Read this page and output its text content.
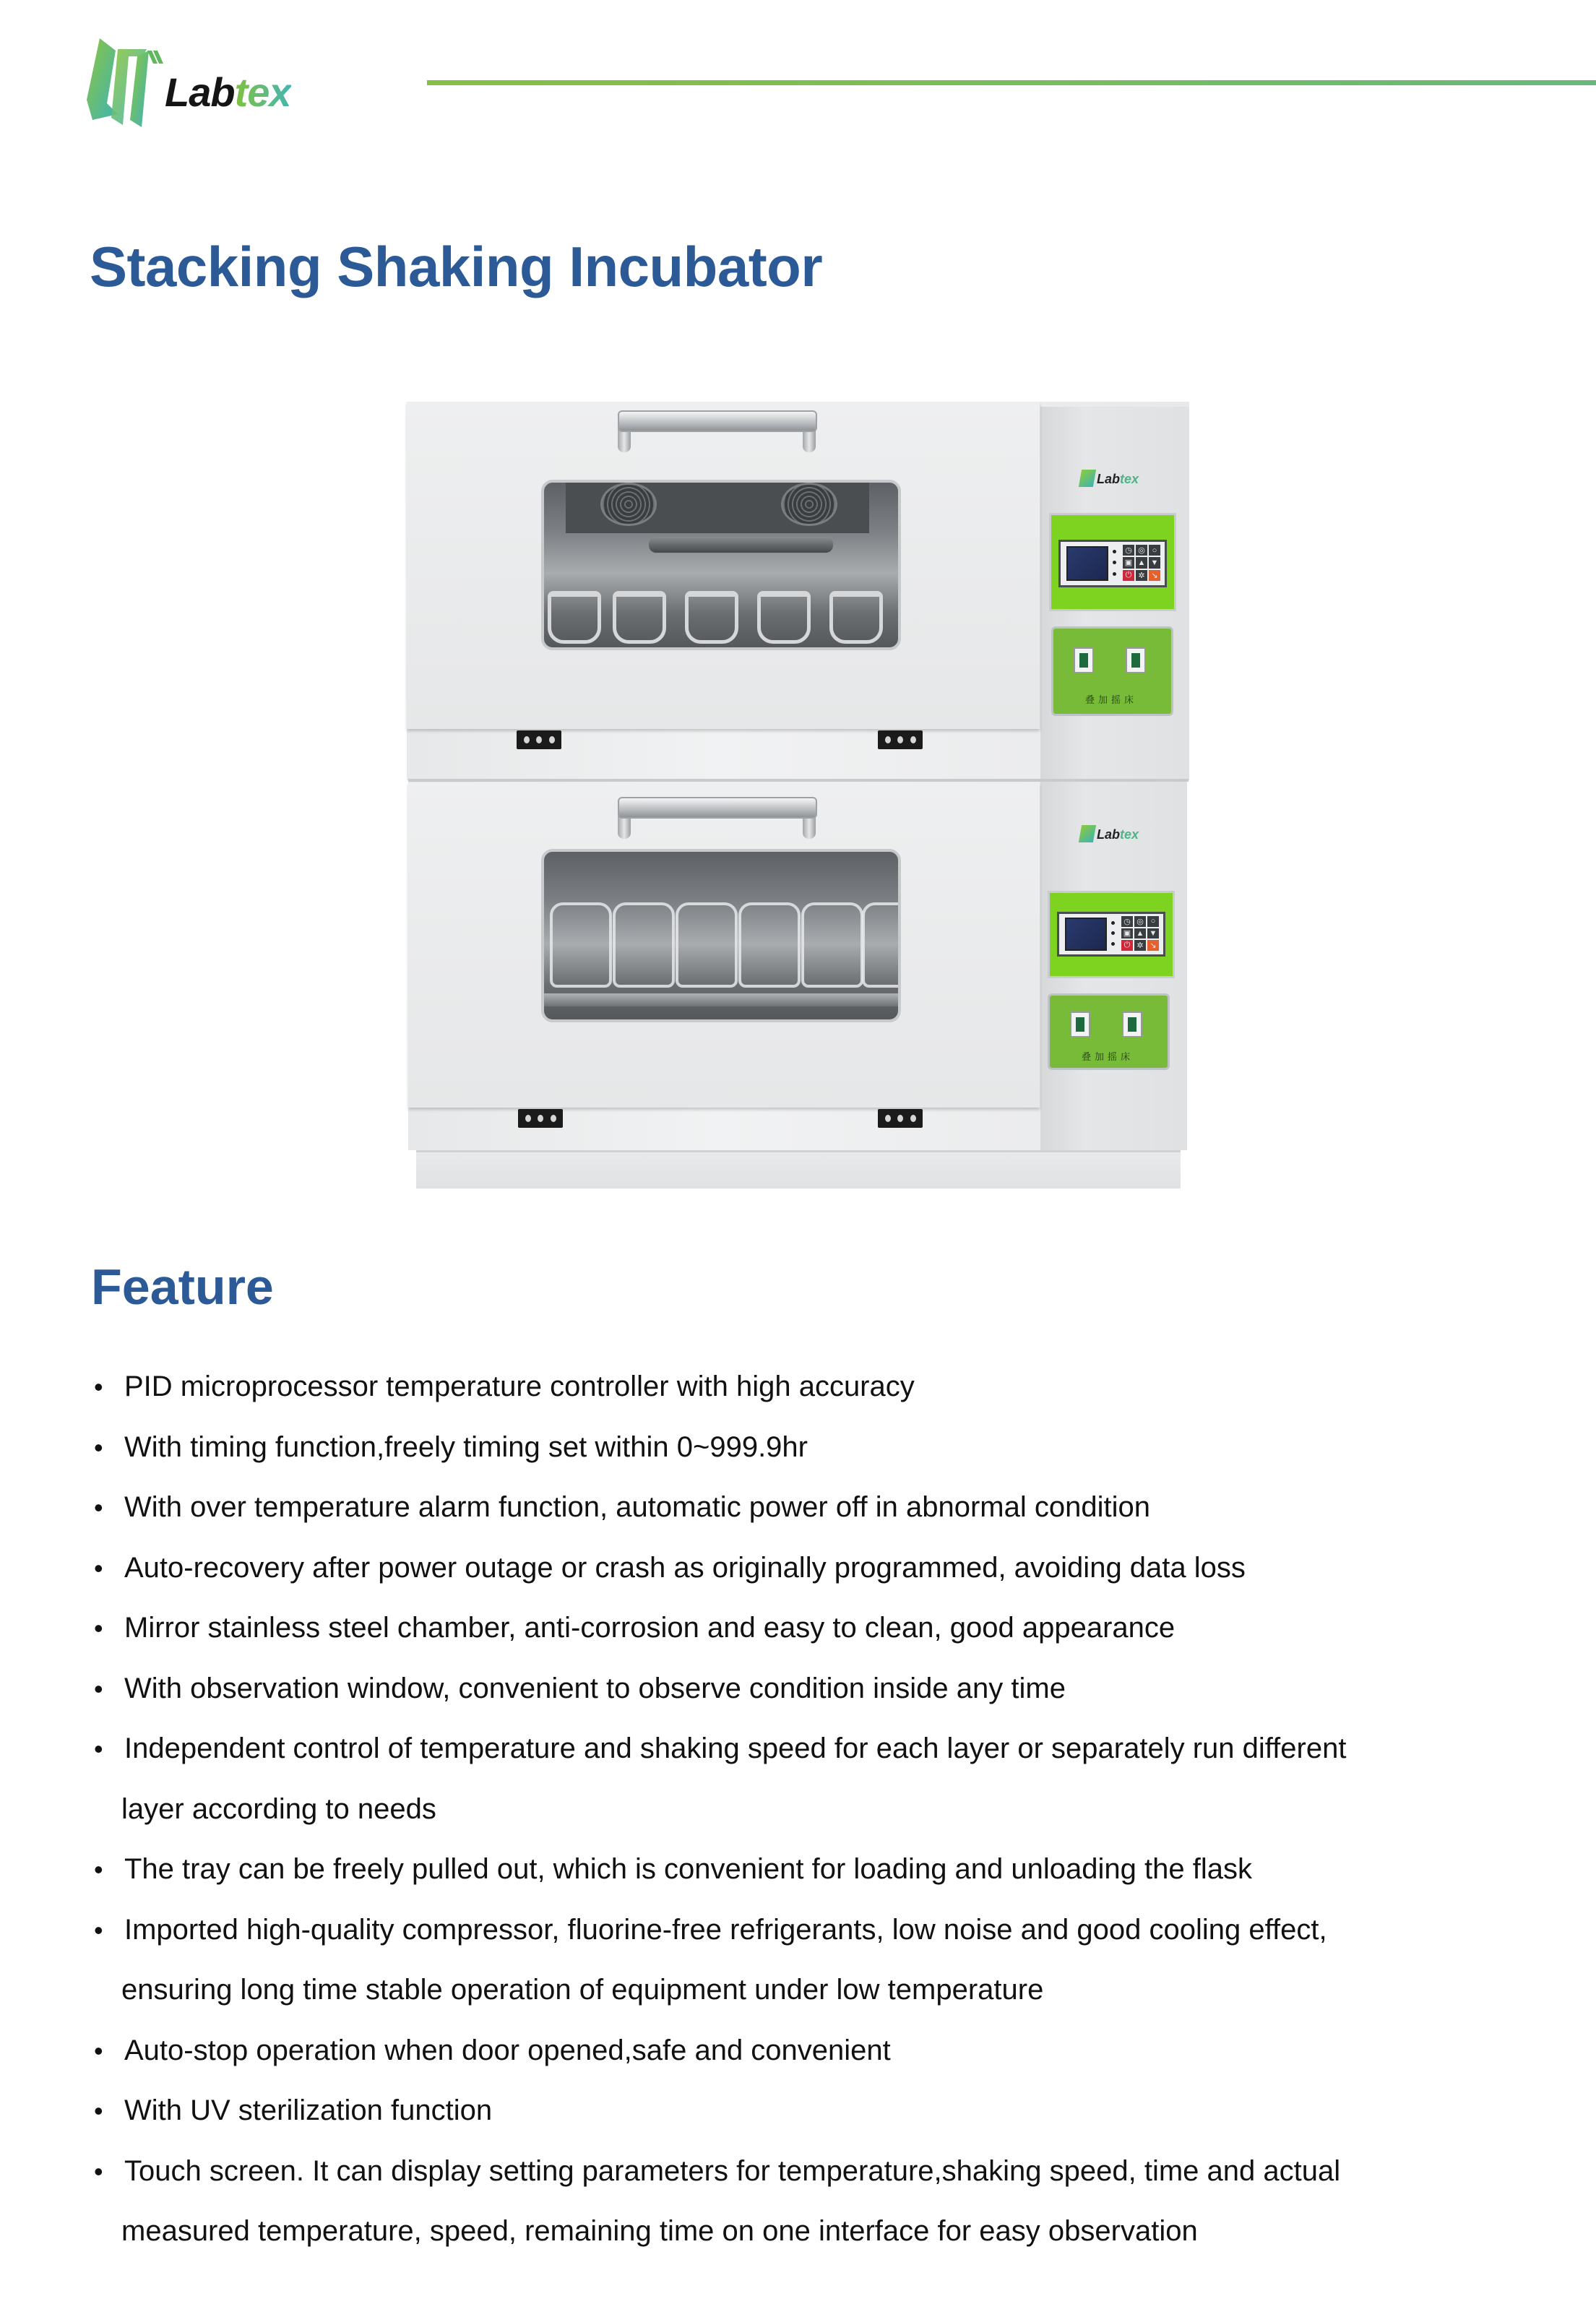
Labtex
Stacking Shaking Incubator
Labtex
◷ ◎ ○
▣ ▲ ▼
⏻ ✲ ↘
叠加摇床
Labtex
◷ ◎ ○
▣ ▲ ▼
⏻ ✲ ↘
叠加摇床
Feature
• PID microprocessor temperature controller with high accuracy
• With timing function,freely timing set within 0~999.9hr
• With over temperature alarm function, automatic power off in abnormal condition
• Auto-recovery after power outage or crash as originally programmed, avoiding data loss
• Mirror stainless steel chamber, anti-corrosion and easy to clean, good appearance
• With observation window, convenient to observe condition inside any time
• Independent control of temperature and shaking speed for each layer or separately run different
layer according to needs
• The tray can be freely pulled out, which is convenient for loading and unloading the flask
• Imported high-quality compressor, fluorine-free refrigerants, low noise and good cooling effect,
ensuring long time stable operation of equipment under low temperature
• Auto-stop operation when door opened,safe and convenient
• With UV sterilization function
• Touch screen. It can display setting parameters for temperature,shaking speed, time and actual
measured temperature, speed, remaining time on one interface for easy observation
